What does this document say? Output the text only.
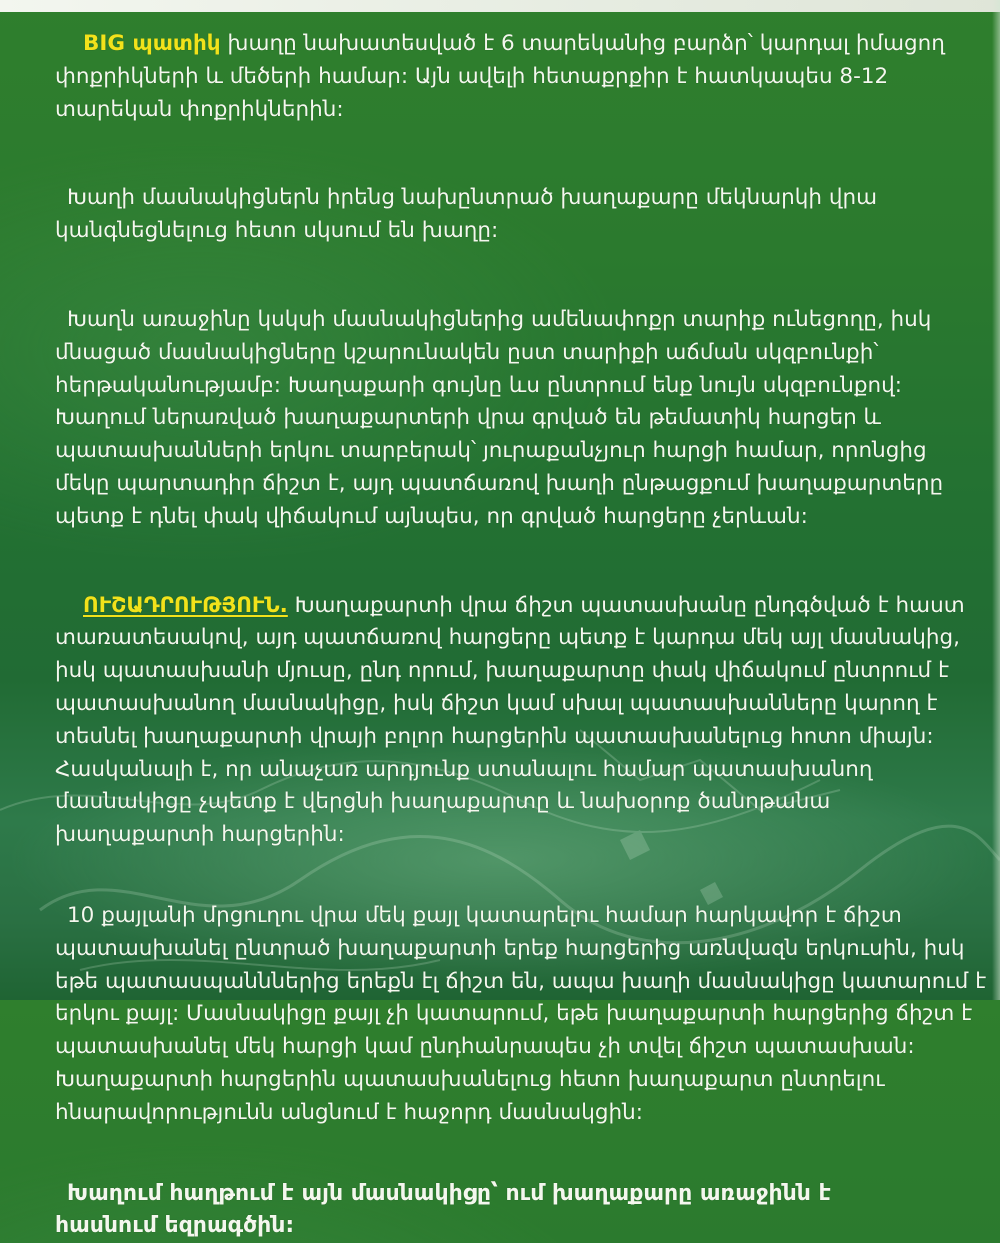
BIG պատիկ խաղը նախատեսված է 6 տարեկանից բարձր՝ կարդալ իմացող
փոքրիկների և մեծերի համար: Այն ավելի հետաքրքիր է հատկապես 8-12
տարեկան փոքրիկներին:

Խաղի մասնակիցներն իրենց նախընտրած խաղաքարը մեկնարկի վրա
կանգնեցնելուց հետո սկսում են խաղը:

Խաղն առաջինը կսկսի մասնակիցներից ամենափոքր տարիք ունեցողը, իսկ
մնացած մասնակիցները կշարունակեն ըստ տարիքի աճման սկզբունքի՝
հերթականությամբ: Խաղաքարի գույնը ևս ընտրում ենք նույն սկզբունքով:
Խաղում ներառված խաղաքարտերի վրա գրված են թեմատիկ հարցեր և
պատասխանների երկու տարբերակ՝ յուրաքանչյուր հարցի համար, որոնցից
մեկը պարտադիր ճիշտ է, այդ պատճառով խաղի ընթացքում խաղաքարտերը
պետք է դնել փակ վիճակում այնպես, որ գրված հարցերը չերևան:

ՈՒՇԱԴՐՈՒԹՅՈՒՆ. Խաղաքարտի վրա ճիշտ պատասխանը ընդգծված է հաստ
տառատեսակով, այդ պատճառով հարցերը պետք է կարդա մեկ այլ մասնակից,
իսկ պատասխանի մյուսը, ընդ որում, խաղաքարտը փակ վիճակում ընտրում է
պատասխանող մասնակիցը, իսկ ճիշտ կամ սխալ պատասխանները կարող է
տեսնել խաղաքարտի վրայի բոլոր հարցերին պատասխանելուց հոտո միայն:
Հասկանալի է, որ անաչառ արդյունք ստանալու համար պատասխանող
մասնակիցը չպետք է վերցնի խաղաքարտը և նախօրոք ծանոթանա
խաղաքարտի հարցերին:

10 քայլանի մրցուղու վրա մեկ քայլ կատարելու համար հարկավոր է ճիշտ
պատասխանել ընտրած խաղաքարտի երեք հարցերից առնվազն երկուսին, իսկ
եթե պատասպանններից երեքն էլ ճիշտ են, ապա խաղի մասնակիցը կատարում է
երկու քայլ: Մասնակիցը քայլ չի կատարում, եթե խաղաքարտի հարցերից ճիշտ է
պատասխանել մեկ հարցի կամ ընդհանրապես չի տվել ճիշտ պատասխան:
Խաղաքարտի հարցերին պատասխանելուց հետո խաղաքարտ ընտրելու
հնարավորությունն անցնում է հաջորդ մասնակցին:

Խաղում հաղթում է այն մասնակիցը՝ ում խաղաքարը առաջինն է
հասնում եզրագծին:
